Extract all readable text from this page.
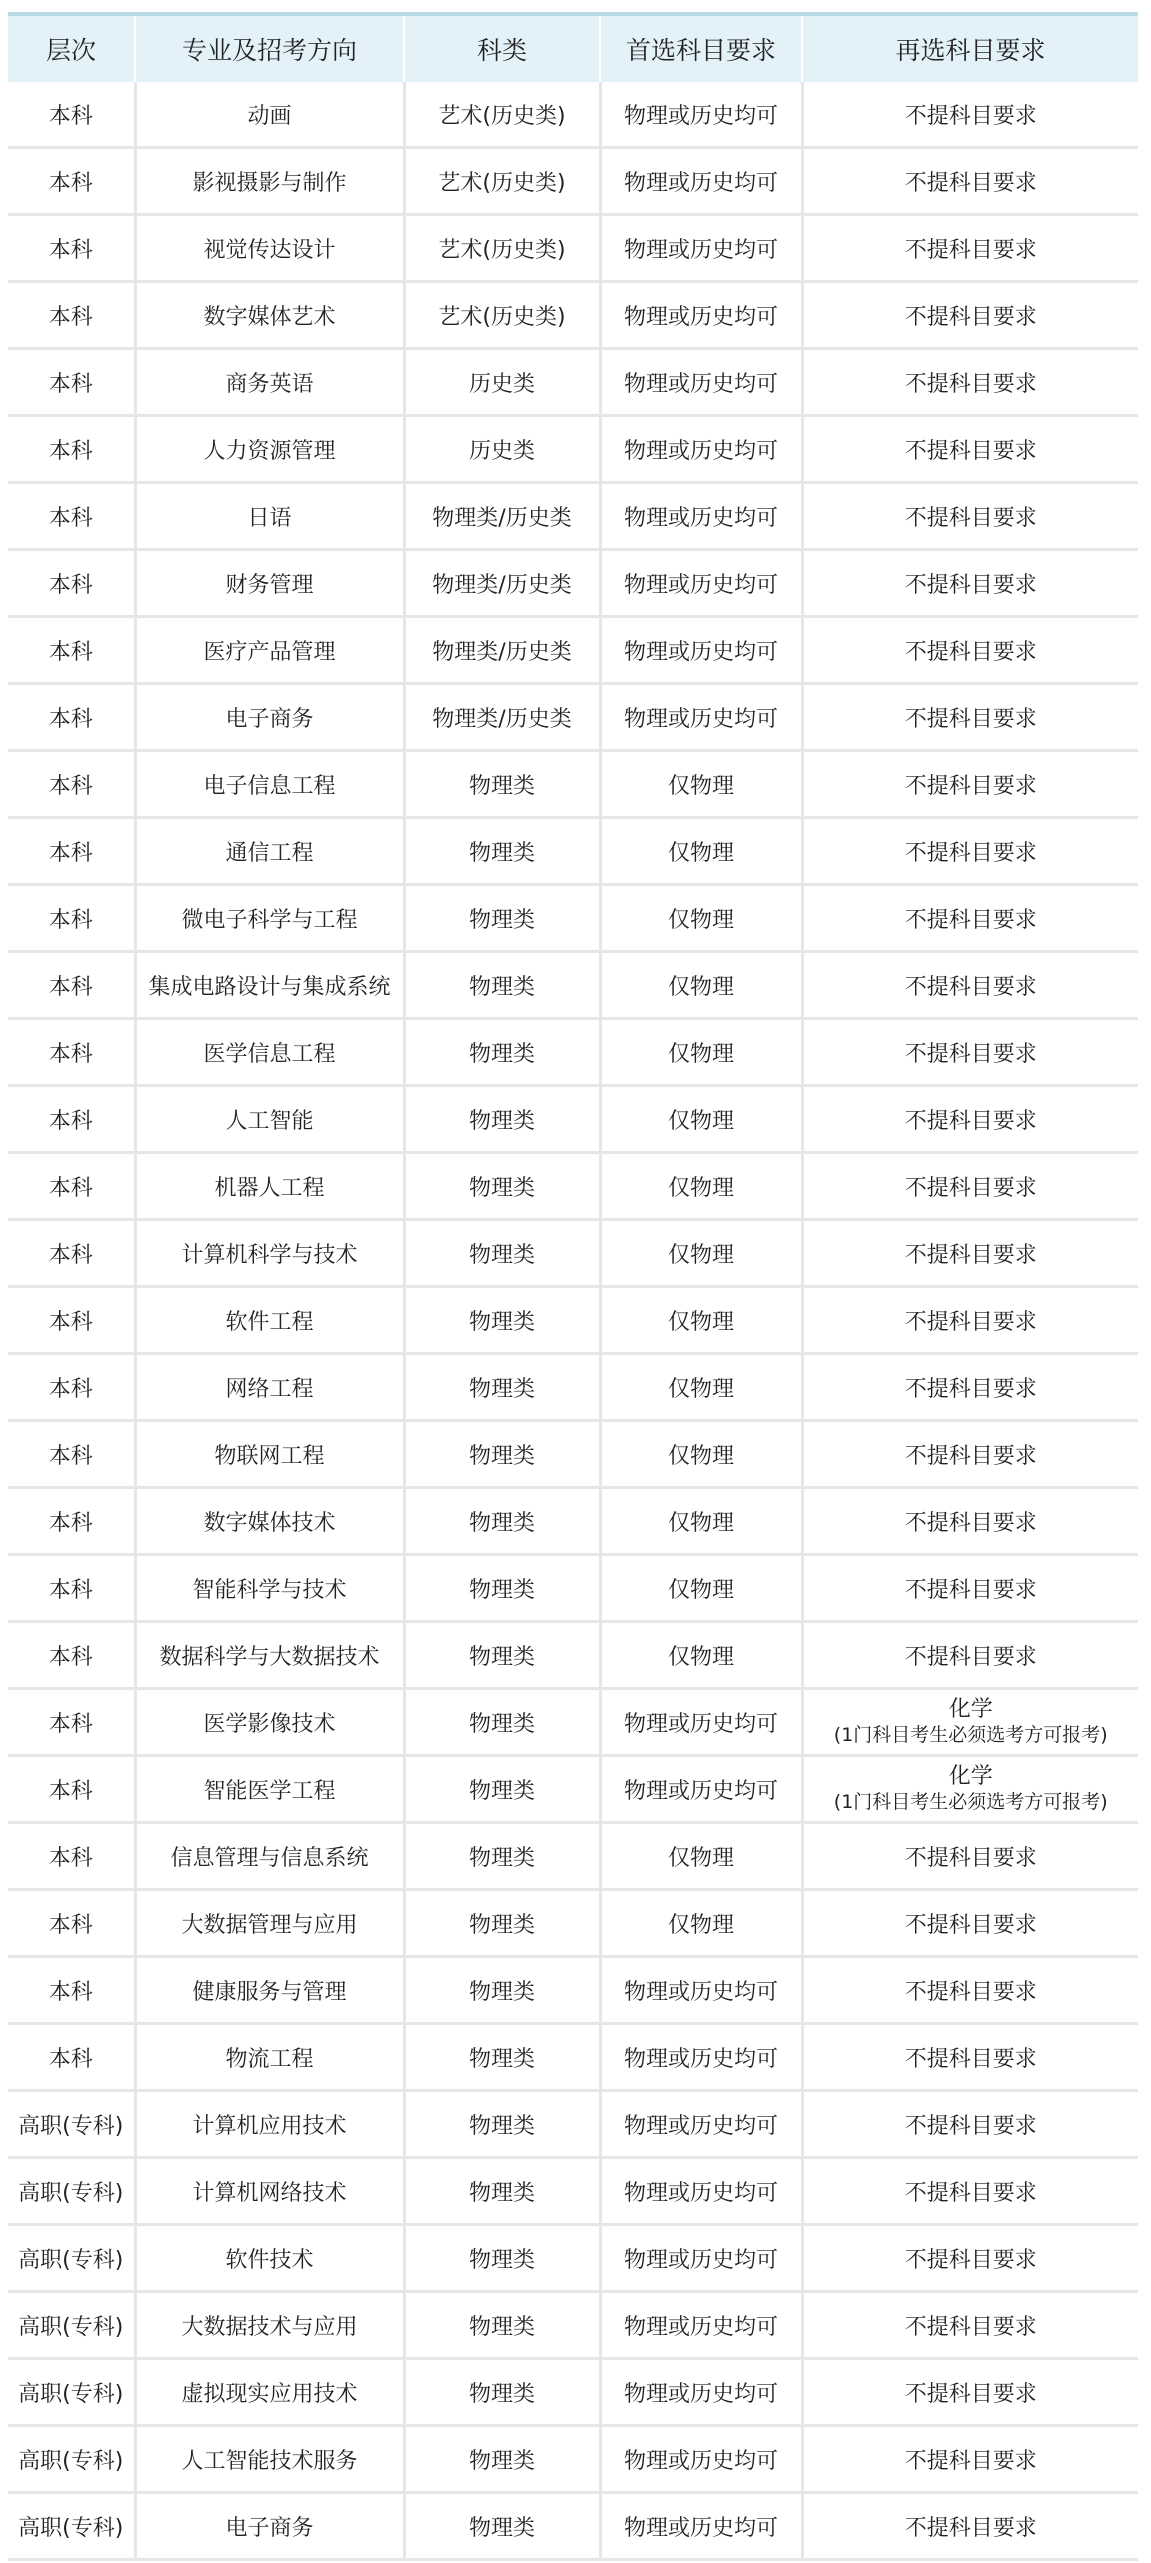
层次	专业及招考方向	科类	首选科目要求	再选科目要求
本科	动画	艺术(历史类)	物理或历史均可	不提科目要求
本科	影视摄影与制作	艺术(历史类)	物理或历史均可	不提科目要求
本科	视觉传达设计	艺术(历史类)	物理或历史均可	不提科目要求
本科	数字媒体艺术	艺术(历史类)	物理或历史均可	不提科目要求
本科	商务英语	历史类	物理或历史均可	不提科目要求
本科	人力资源管理	历史类	物理或历史均可	不提科目要求
本科	日语	物理类/历史类	物理或历史均可	不提科目要求
本科	财务管理	物理类/历史类	物理或历史均可	不提科目要求
本科	医疗产品管理	物理类/历史类	物理或历史均可	不提科目要求
本科	电子商务	物理类/历史类	物理或历史均可	不提科目要求
本科	电子信息工程	物理类	仅物理	不提科目要求
本科	通信工程	物理类	仅物理	不提科目要求
本科	微电子科学与工程	物理类	仅物理	不提科目要求
本科	集成电路设计与集成系统	物理类	仅物理	不提科目要求
本科	医学信息工程	物理类	仅物理	不提科目要求
本科	人工智能	物理类	仅物理	不提科目要求
本科	机器人工程	物理类	仅物理	不提科目要求
本科	计算机科学与技术	物理类	仅物理	不提科目要求
本科	软件工程	物理类	仅物理	不提科目要求
本科	网络工程	物理类	仅物理	不提科目要求
本科	物联网工程	物理类	仅物理	不提科目要求
本科	数字媒体技术	物理类	仅物理	不提科目要求
本科	智能科学与技术	物理类	仅物理	不提科目要求
本科	数据科学与大数据技术	物理类	仅物理	不提科目要求
本科	医学影像技术	物理类	物理或历史均可	化学
(1门科目考生必须选考方可报考)

本科	智能医学工程	物理类	物理或历史均可	化学
(1门科目考生必须选考方可报考)

本科	信息管理与信息系统	物理类	仅物理	不提科目要求
本科	大数据管理与应用	物理类	仅物理	不提科目要求
本科	健康服务与管理	物理类	物理或历史均可	不提科目要求
本科	物流工程	物理类	物理或历史均可	不提科目要求
高职(专科)	计算机应用技术	物理类	物理或历史均可	不提科目要求
高职(专科)	计算机网络技术	物理类	物理或历史均可	不提科目要求
高职(专科)	软件技术	物理类	物理或历史均可	不提科目要求
高职(专科)	大数据技术与应用	物理类	物理或历史均可	不提科目要求
高职(专科)	虚拟现实应用技术	物理类	物理或历史均可	不提科目要求
高职(专科)	人工智能技术服务	物理类	物理或历史均可	不提科目要求
高职(专科)	电子商务	物理类	物理或历史均可	不提科目要求
